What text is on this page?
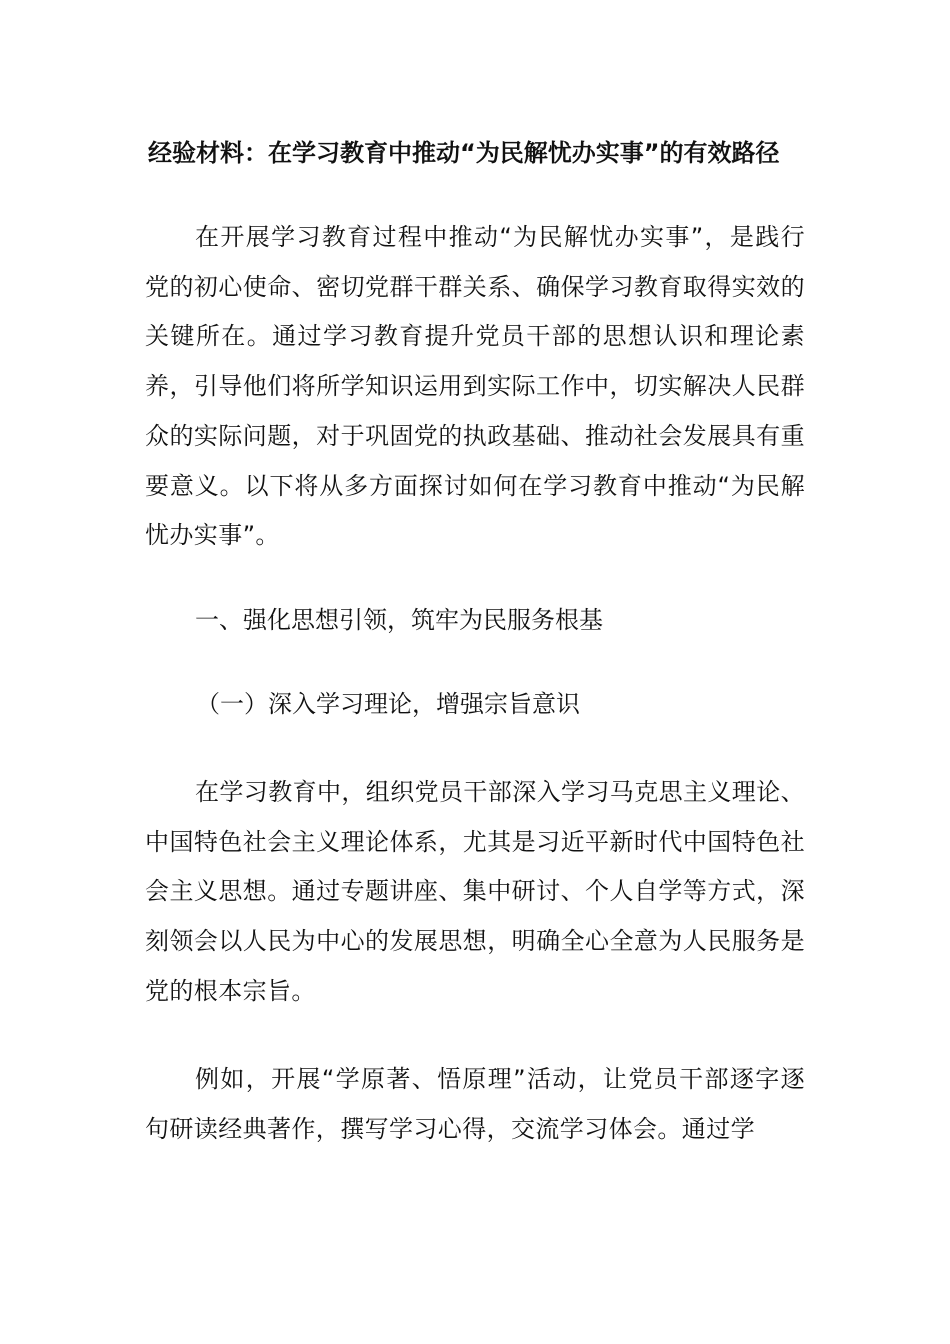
经验材料：在学习教育中推动“为民解忧办实事”的有效路径

在开展学习教育过程中推动“为民解忧办实事”，是践行党的初心使命、密切党群干群关系、确保学习教育取得实效的关键所在。通过学习教育提升党员干部的思想认识和理论素养，引导他们将所学知识运用到实际工作中，切实解决人民群众的实际问题，对于巩固党的执政基础、推动社会发展具有重要意义。以下将从多方面探讨如何在学习教育中推动“为民解忧办实事”。

一、强化思想引领，筑牢为民服务根基

（一）深入学习理论，增强宗旨意识

在学习教育中，组织党员干部深入学习马克思主义理论、中国特色社会主义理论体系，尤其是习近平新时代中国特色社会主义思想。通过专题讲座、集中研讨、个人自学等方式，深刻领会以人民为中心的发展思想，明确全心全意为人民服务是党的根本宗旨。

例如，开展“学原著、悟原理”活动，让党员干部逐字逐句研读经典著作，撰写学习心得，交流学习体会。通过学
